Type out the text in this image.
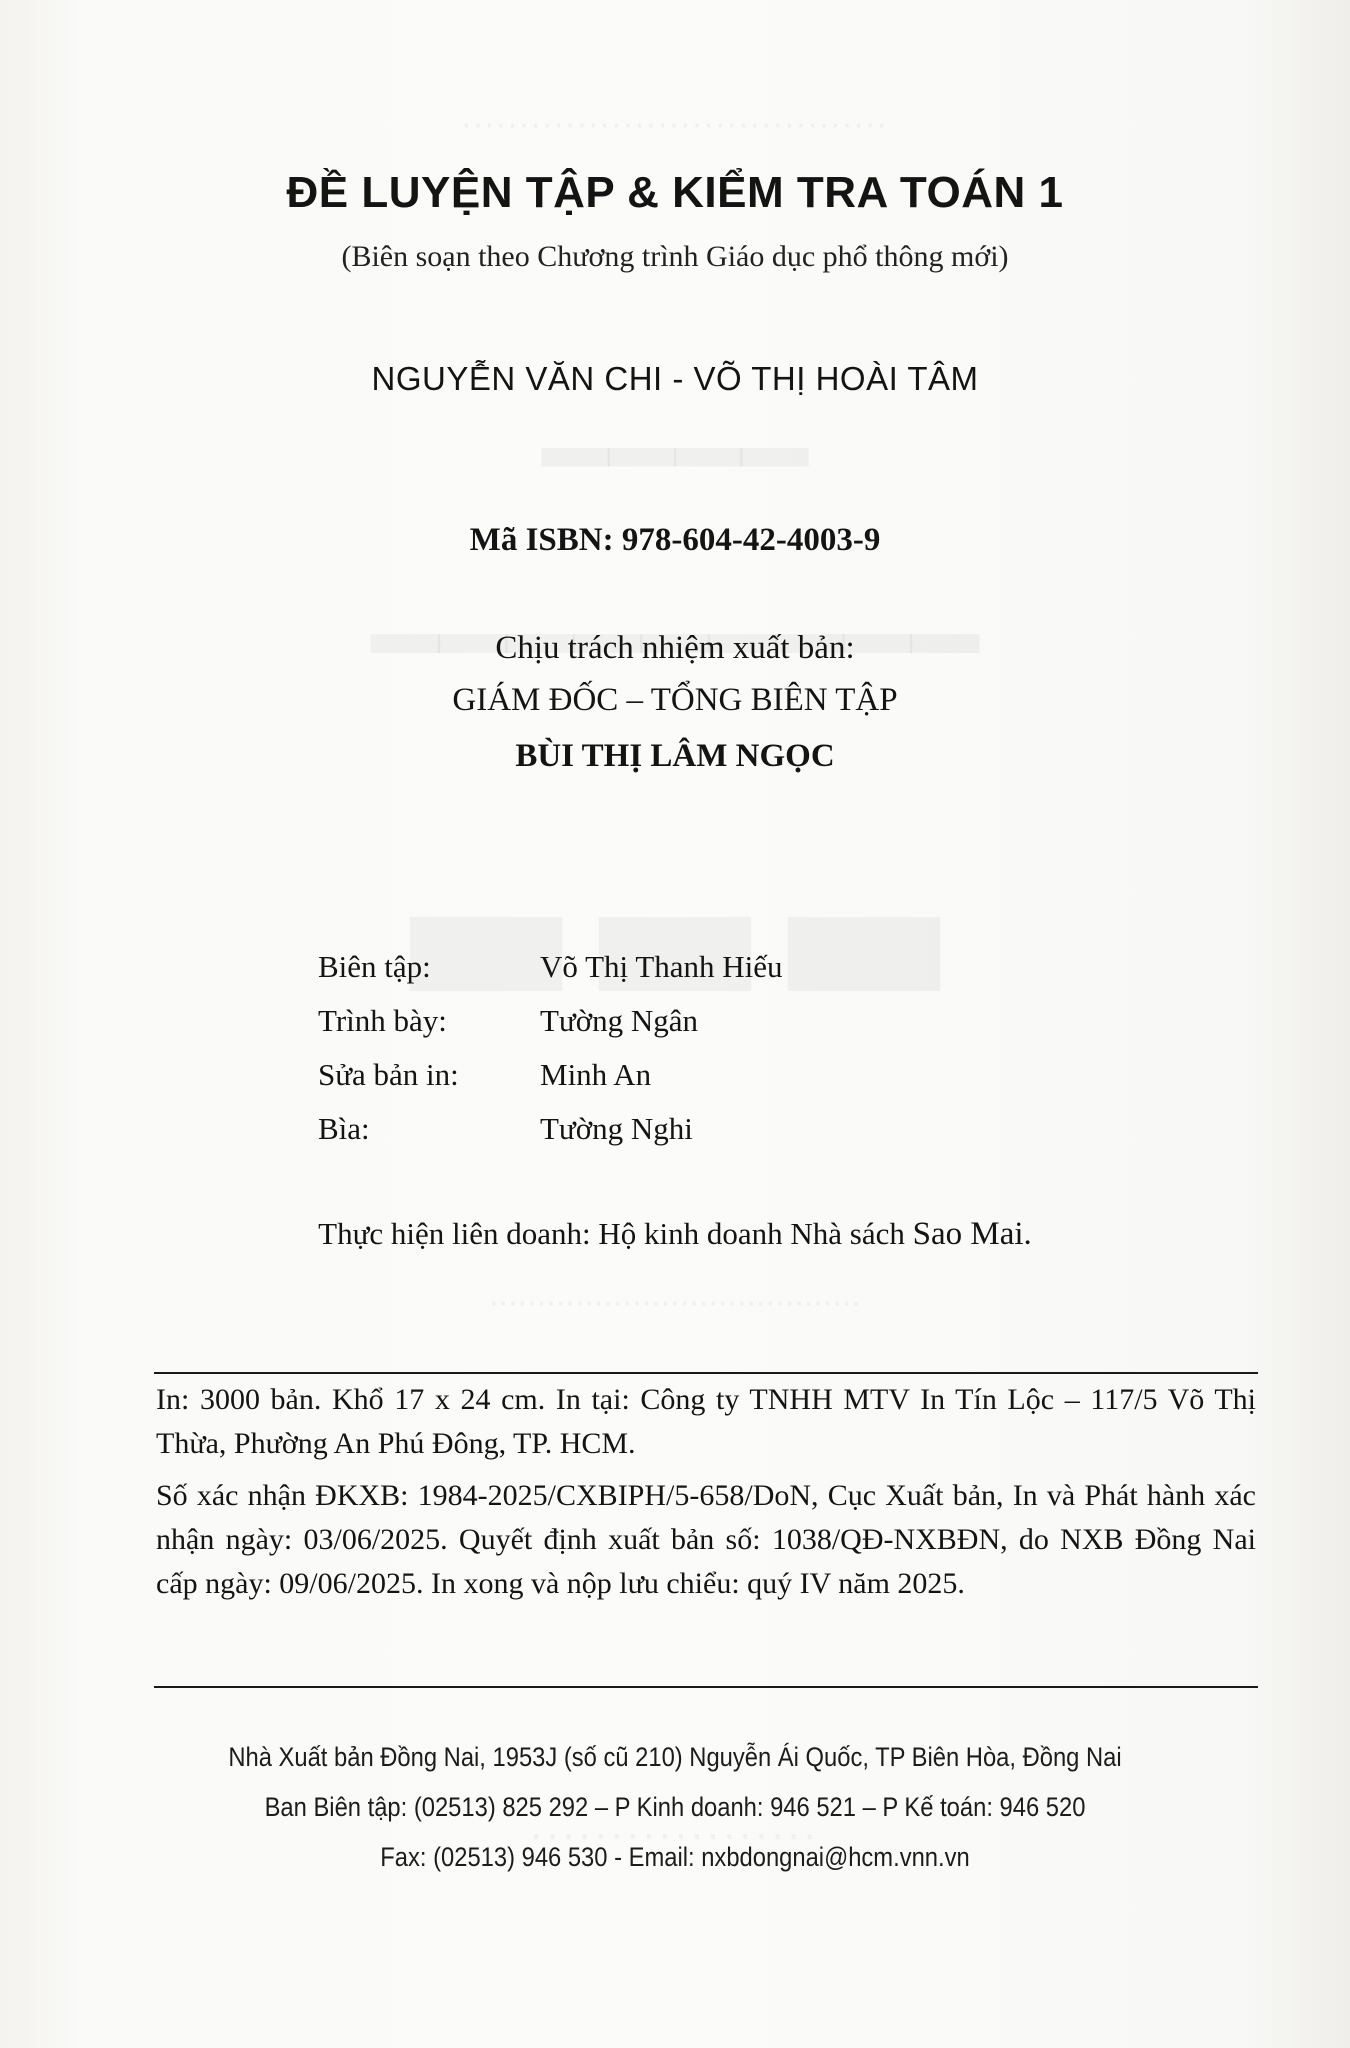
ĐỀ LUYỆN TẬP & KIỂM TRA TOÁN 1
(Biên soạn theo Chương trình Giáo dục phổ thông mới)
NGUYỄN VĂN CHI - VÕ THỊ HOÀI TÂM
Mã ISBN: 978-604-42-4003-9
Chịu trách nhiệm xuất bản:
GIÁM ĐỐC – TỔNG BIÊN TẬP
BÙI THỊ LÂM NGỌC
Biên tập:	Võ Thị Thanh Hiếu
Trình bày:	Tường Ngân
Sửa bản in:	Minh An
Bìa:	Tường Nghi
Thực hiện liên doanh: Hộ kinh doanh Nhà sách Sao Mai.

In: 3000 bản. Khổ 17 x 24 cm. In tại: Công ty TNHH MTV In Tín Lộc – 117/5 Võ Thị Thừa, Phường An Phú Đông, TP. HCM.

Số xác nhận ĐKXB: 1984-2025/CXBIPH/5-658/DoN, Cục Xuất bản, In và Phát hành xác nhận ngày: 03/06/2025. Quyết định xuất bản số: 1038/QĐ-NXBĐN, do NXB Đồng Nai cấp ngày: 09/06/2025. In xong và nộp lưu chiểu: quý IV năm 2025.

Nhà Xuất bản Đồng Nai, 1953J (số cũ 210) Nguyễn Ái Quốc, TP Biên Hòa, Đồng Nai
Ban Biên tập: (02513) 825 292 – P Kinh doanh: 946 521 – P Kế toán: 946 520
Fax: (02513) 946 530 - Email: nxbdongnai@hcm.vnn.vn
